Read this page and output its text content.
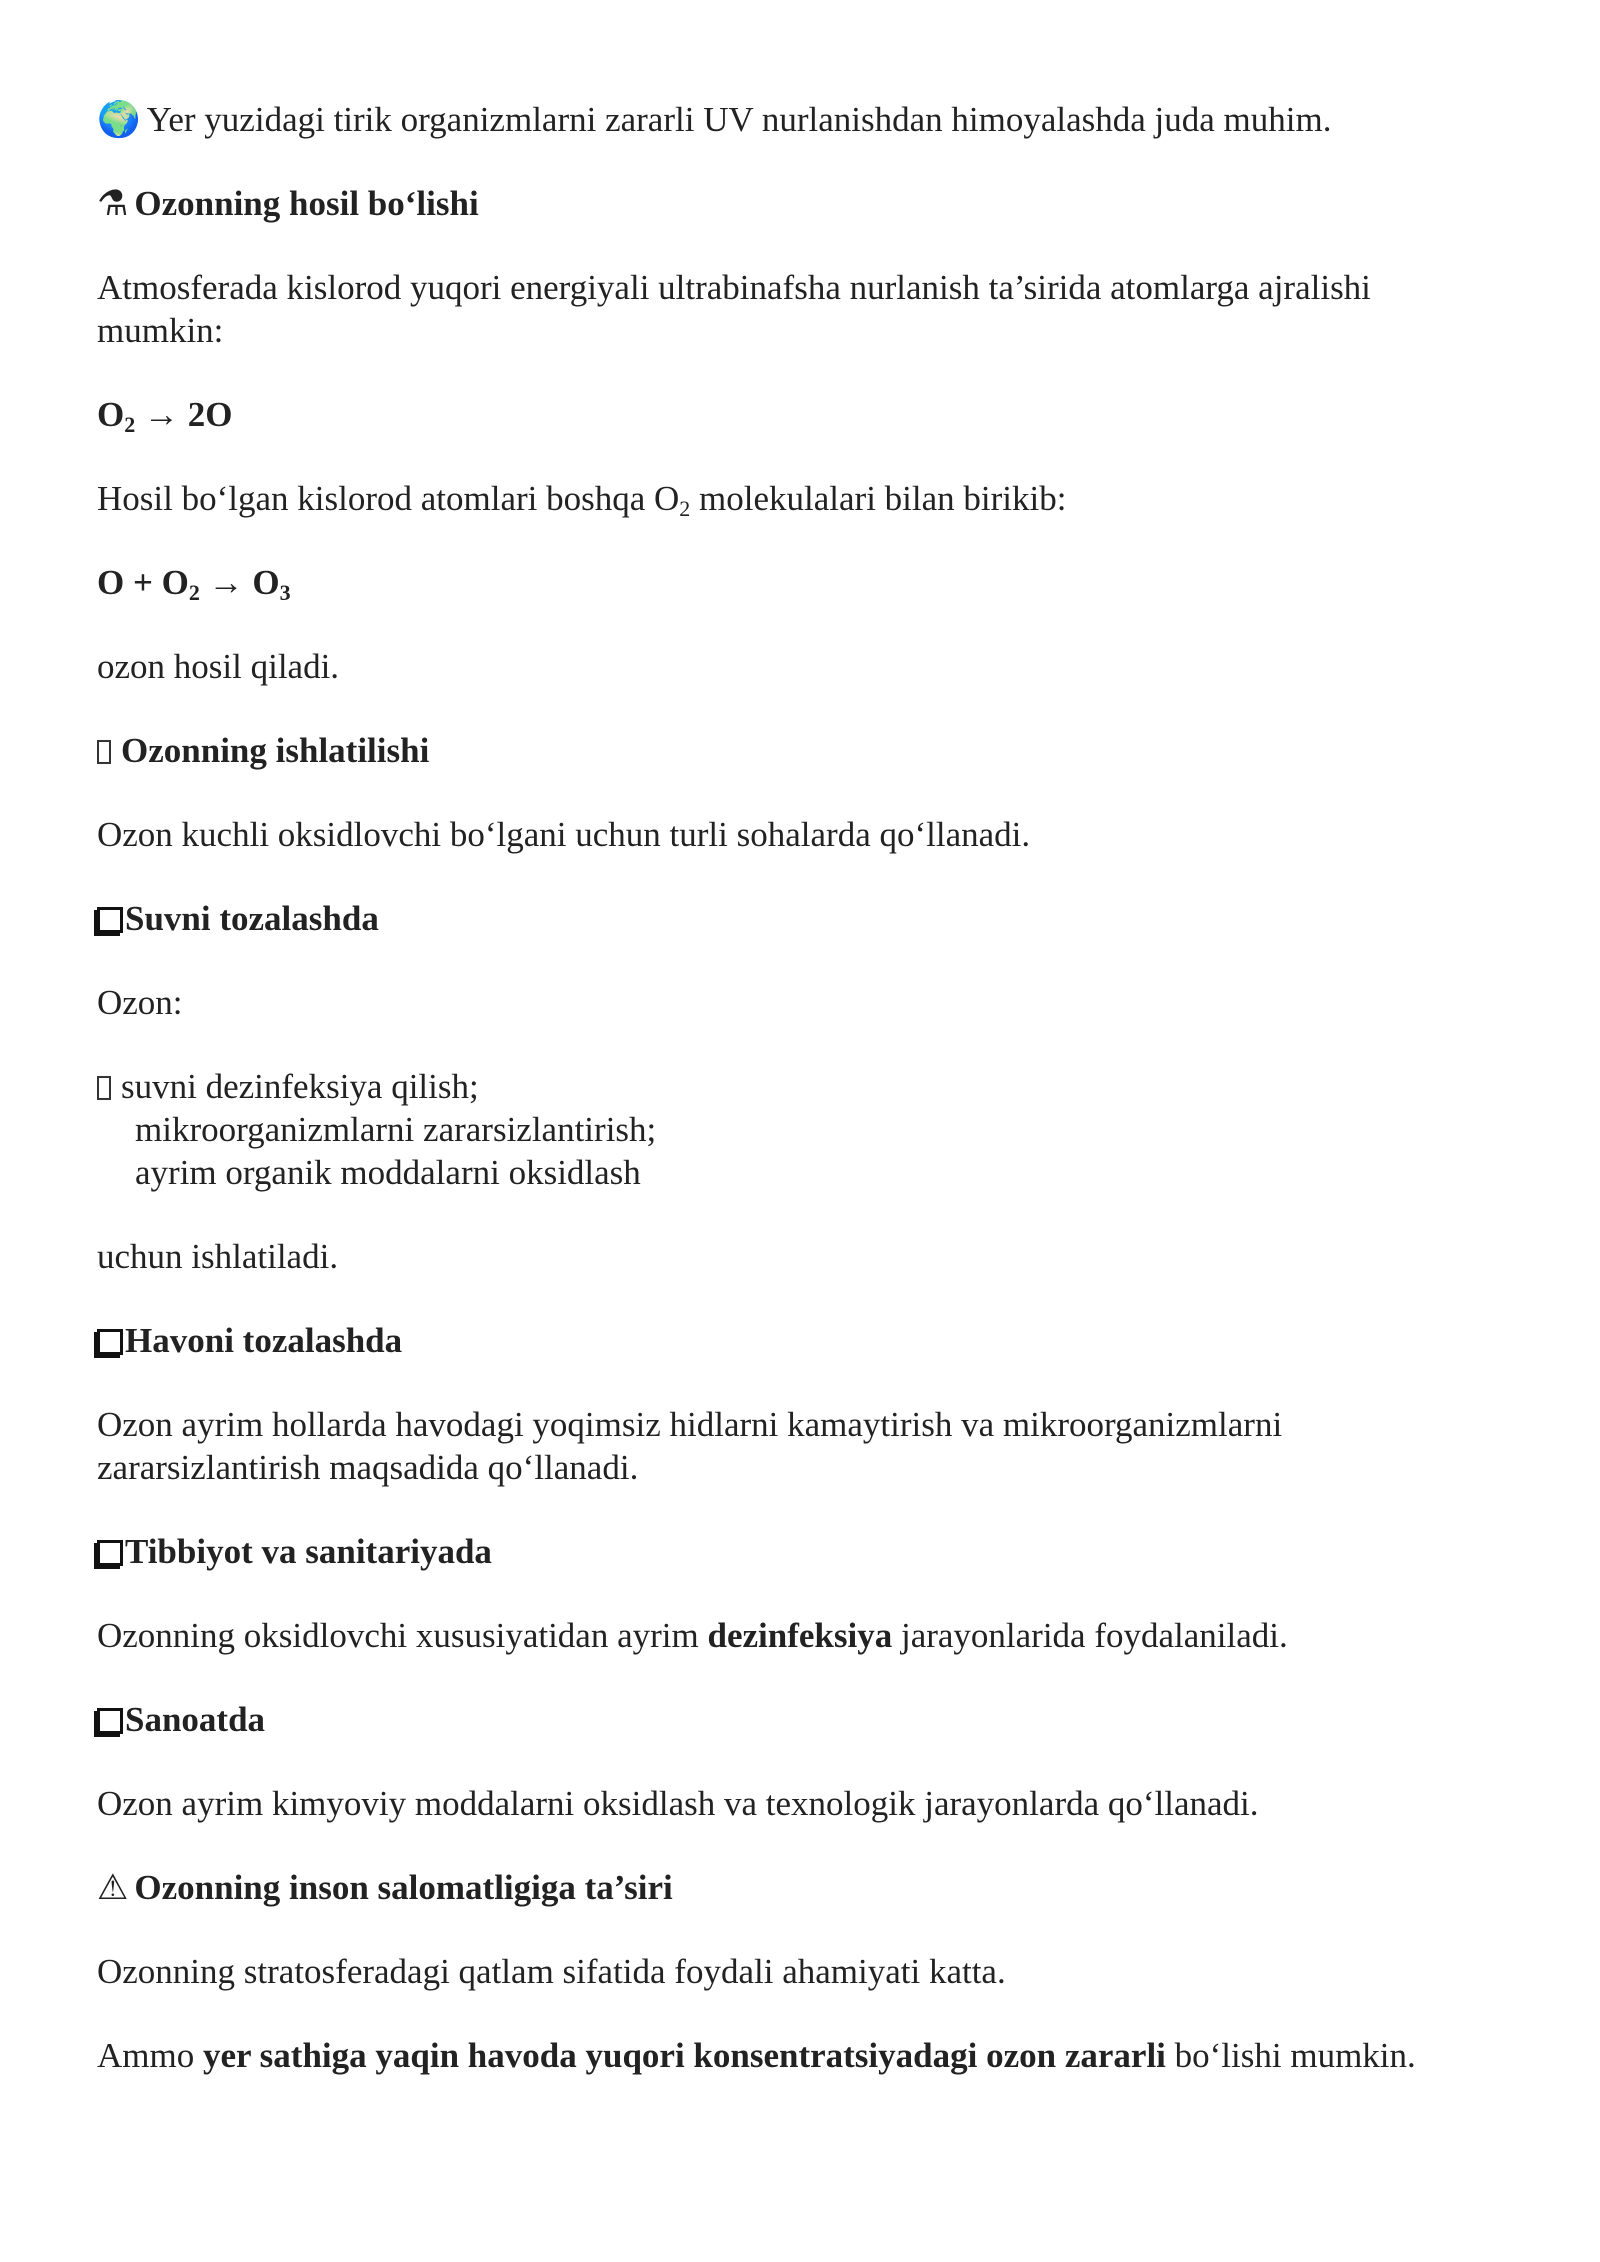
🌍 Yer yuzidagi tirik organizmlarni zararli UV nurlanishdan himoyalashda juda muhim.

⚗ Ozonning hosil bo‘lishi

Atmosferada kislorod yuqori energiyali ultrabinafsha nurlanish ta’sirida atomlarga ajralishi mumkin:

$O_2 \to 2O$

Hosil bo‘lgan kislorod atomlari boshqa $O_2$ molekulalari bilan birikib:

$O + O_2 \to O_3$

ozon hosil qiladi.

Ozonning ishlatilishi

Ozon kuchli oksidlovchi bo‘lgani uchun turli sohalarda qo‘llanadi.

Suvni tozalashda

Ozon:

suvni dezinfeksiya qilish;

mikroorganizmlarni zararsizlantirish;

ayrim organik moddalarni oksidlash

uchun ishlatiladi.

Havoni tozalashda

Ozon ayrim hollarda havodagi yoqimsiz hidlarni kamaytirish va mikroorganizmlarni zararsizlantirish maqsadida qo‘llanadi.

Tibbiyot va sanitariyada

Ozonning oksidlovchi xususiyatidan ayrim dezinfeksiya jarayonlarida foydalaniladi.

Sanoatda

Ozon ayrim kimyoviy moddalarni oksidlash va texnologik jarayonlarda qo‘llanadi.

⚠ Ozonning inson salomatligiga ta’siri

Ozonning stratosferadagi qatlam sifatida foydali ahamiyati katta.

Ammo yer sathiga yaqin havoda yuqori konsentratsiyadagi ozon zararli bo‘lishi mumkin.
